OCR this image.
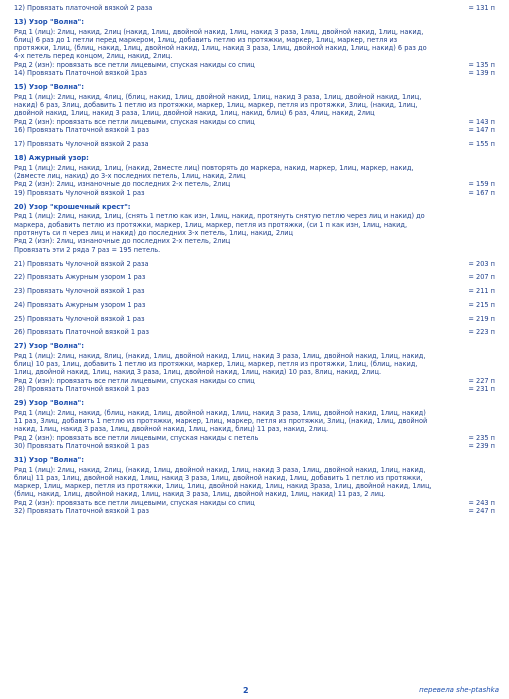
12) Провязать платочной вязкой 2 раза	= 131 п
13) Узор "Волна":
Ряд 1 (лиц): 2лиц, накид, 2лиц (накид, 1лиц, двойной накид, 1лиц, накид 3 раза, 1лиц, двойной накид, 1лиц, накид, блиц) 6 раз до 1 петли перед маркером, 1лиц, добавить петлю из протяжки, маркер, 1лиц, маркер, петля из протяжки, 1лиц, (блиц, накид, 1лиц, двойной накид, 1лиц, накид 3 раза, 1лиц, двойной накид, 1лиц, накид) 6 раз до 4-х петель перед концом, 2лиц, накид, 2лиц.
Ряд 2 (изн): провязать все петли лицевыми, спуская накиды со спиц	= 135 п
14) Провязать Платочной вязкой 1раз	= 139 п
15) Узор "Волна":
Ряд 1 (лиц): 2лиц, накид, 4лиц, (блиц, накид, 1лиц, двойной накид, 1лиц, накид 3 раза, 1лиц, двойной накид, 1лиц, накид) 6 раз, 3лиц, добавить 1 петлю из протяжки, маркер, 1лиц, маркер, петля из протяжки, 3лиц, (накид, 1лиц, двойной накид, 1лиц, накид 3 раза, 1лиц, двойной накид, 1лиц, накид, блиц) 6 раз, 4лиц, накид, 2лиц
Ряд 2 (изн): провязать все петли лицевыми, спуская накиды со спиц	= 143 п
16) Провязать Платочной вязкой 1 раз	= 147 п
17) Провязать Чулочной вязкой 2 раза	= 155 п
18) Ажурный узор:
Ряд 1 (лиц): 2лиц, накид, 1лиц, (накид, 2вместе лиц) повторять до маркера, накид, маркер, 1лиц, маркер, накид, (2вместе лиц, накид) до 3-х последних петель, 1лиц, накид, 2лиц
Ряд 2 (изн): 2лиц, изнаночные до последних 2-х петель, 2лиц	= 159 п
19) Провязать Чулочной вязкой 1 раз	= 167 п
20) Узор "крошечный крест":
Ряд 1 (лиц): 2лиц, накид, 1лиц, (снять 1 петлю как изн, 1лиц, накид, протянуть снятую петлю через лиц и накид) до маркера, добавить петлю из протяжки, маркер, 1лиц, маркер, петля из протяжки, (си 1 п как изн, 1лиц, накид, протянуть си п через лиц и накид) до последних 3-х петель, 1лиц, накид, 2лиц
Ряд 2 (изн): 2лиц, изнаночные до последних 2-х петель, 2лиц
Провязать эти 2 ряда 7 раз = 195 петель.
21) Провязать Чулочной вязкой 2 раза	= 203 п
22) Провязать Ажурным узором 1 раз	= 207 п
23) Провязать Чулочной вязкой 1 раз	= 211 п
24) Провязать Ажурным узором 1 раз	= 215 п
25) Провязать Чулочной вязкой 1 раз	= 219 п
26) Провязать Платочной вязкой 1 раз	= 223 п
27) Узор "Волна":
Ряд 1 (лиц): 2лиц, накид, 8лиц, (накид, 1лиц, двойной накид, 1лиц, накид 3 раза, 1лиц, двойной накид, 1лиц, накид, блиц) 10 раз, 1лиц, добавить 1 петлю из протяжки, маркер, 1лиц, маркер, петля из протяжки, 1лиц, (блиц, накид, 1лиц, двойной накид, 1лиц, накид 3 раза, 1лиц, двойной накид, 1лиц, накид) 10 раз, 8лиц, накид, 2лиц.
Ряд 2 (изн): провязать все петли лицевыми, спуская накиды со спиц	= 227 п
28) Провязать Платочной вязкой 1 раз	= 231 п
29) Узор "Волна":
Ряд 1 (лиц): 2лиц, накид, (блиц, накид, 1лиц, двойной накид, 1лиц, накид 3 раза, 1лиц, двойной накид, 1лиц, накид) 11 раз, 3лиц, добавить 1 петлю из протяжки, маркер, 1лиц, маркер, петля из протяжки, 3лиц, (накид, 1лиц, двойной накид, 1лиц, накид 3 раза, 1лиц, двойной накид, 1лиц, накид, блиц) 11 раз, накид, 2лиц.
Ряд 2 (изн): провязать все петли лицевыми, спуская накиды с петель	= 235 п
30) Провязать Платочной вязкой 1 раз	= 239 п
31) Узор "Волна":
Ряд 1 (лиц): 2лиц, накид, 2лиц, (накид, 1лиц, двойной накид, 1лиц, накид 3 раза, 1лиц, двойной накид, 1лиц, накид, блиц) 11 раз, 1лиц, двойной накид, 1лиц, накид 3 раза, 1лиц, двойной накид, 1лиц, добавить 1 петлю из протяжки, маркер, 1лиц, маркер, петля из протяжки, 1лиц, 1лиц, двойной накид, 1лиц, накид 3раза, 1лиц, двойной накид, 1лиц, (блиц, накид, 1лиц, двойной накид, 1лиц, накид 3 раза, 1лиц, двойной накид, 1лиц, накид) 11 раз, 2 лиц.
Ряд 2 (изн): провязать все петли лицевыми, спуская накиды со спиц	= 243 п
32) Провязать Платочной вязкой 1 раз	= 247 п
2	перевела she-ptashka
